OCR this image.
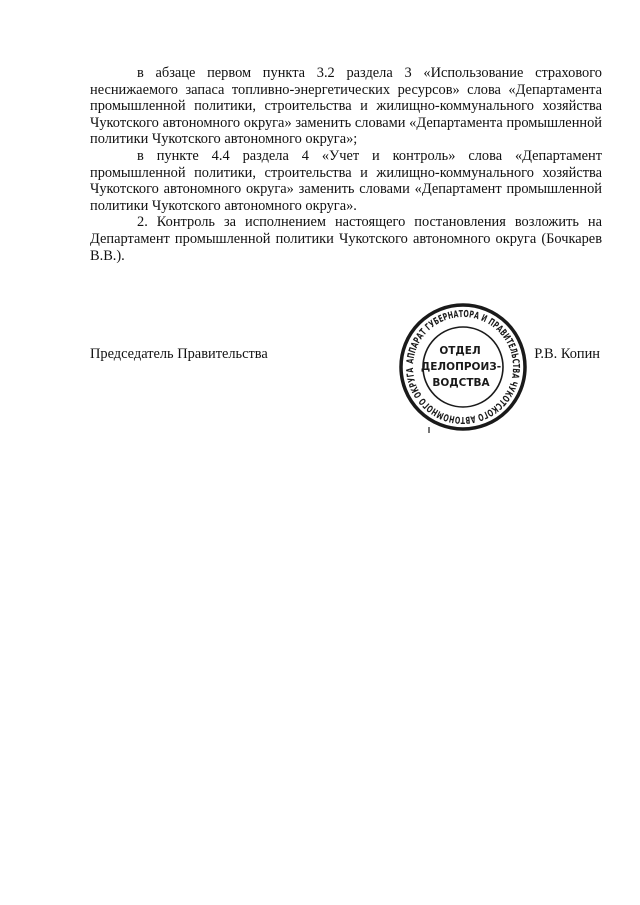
в абзаце первом пункта 3.2 раздела 3 «Использование страхового неснижаемого запаса топливно-энергетических ресурсов» слова «Департамента промышленной политики, строительства и жилищно-коммунального хозяйства Чукотского автономного округа» заменить словами «Департамента промышленной политики Чукотского автономного округа»;

в пункте 4.4 раздела 4 «Учет и контроль» слова «Департамент промышленной политики, строительства и жилищно-коммунального хозяйства Чукотского автономного округа» заменить словами «Департамент промышленной политики Чукотского автономного округа».

2. Контроль за исполнением настоящего постановления возложить на Департамент промышленной политики Чукотского автономного округа (Бочкарев В.В.).

Председатель Правительства	Р.В. Копин
АППАРАТ ГУБЕРНАТОРА И ПРАВИТЕЛЬСТВА ЧУКОТСКОГО АВТОНОМНОГО ОКРУГА
ОТДЕЛ
ДЕЛОПРОИЗ-
ВОДСТВА
